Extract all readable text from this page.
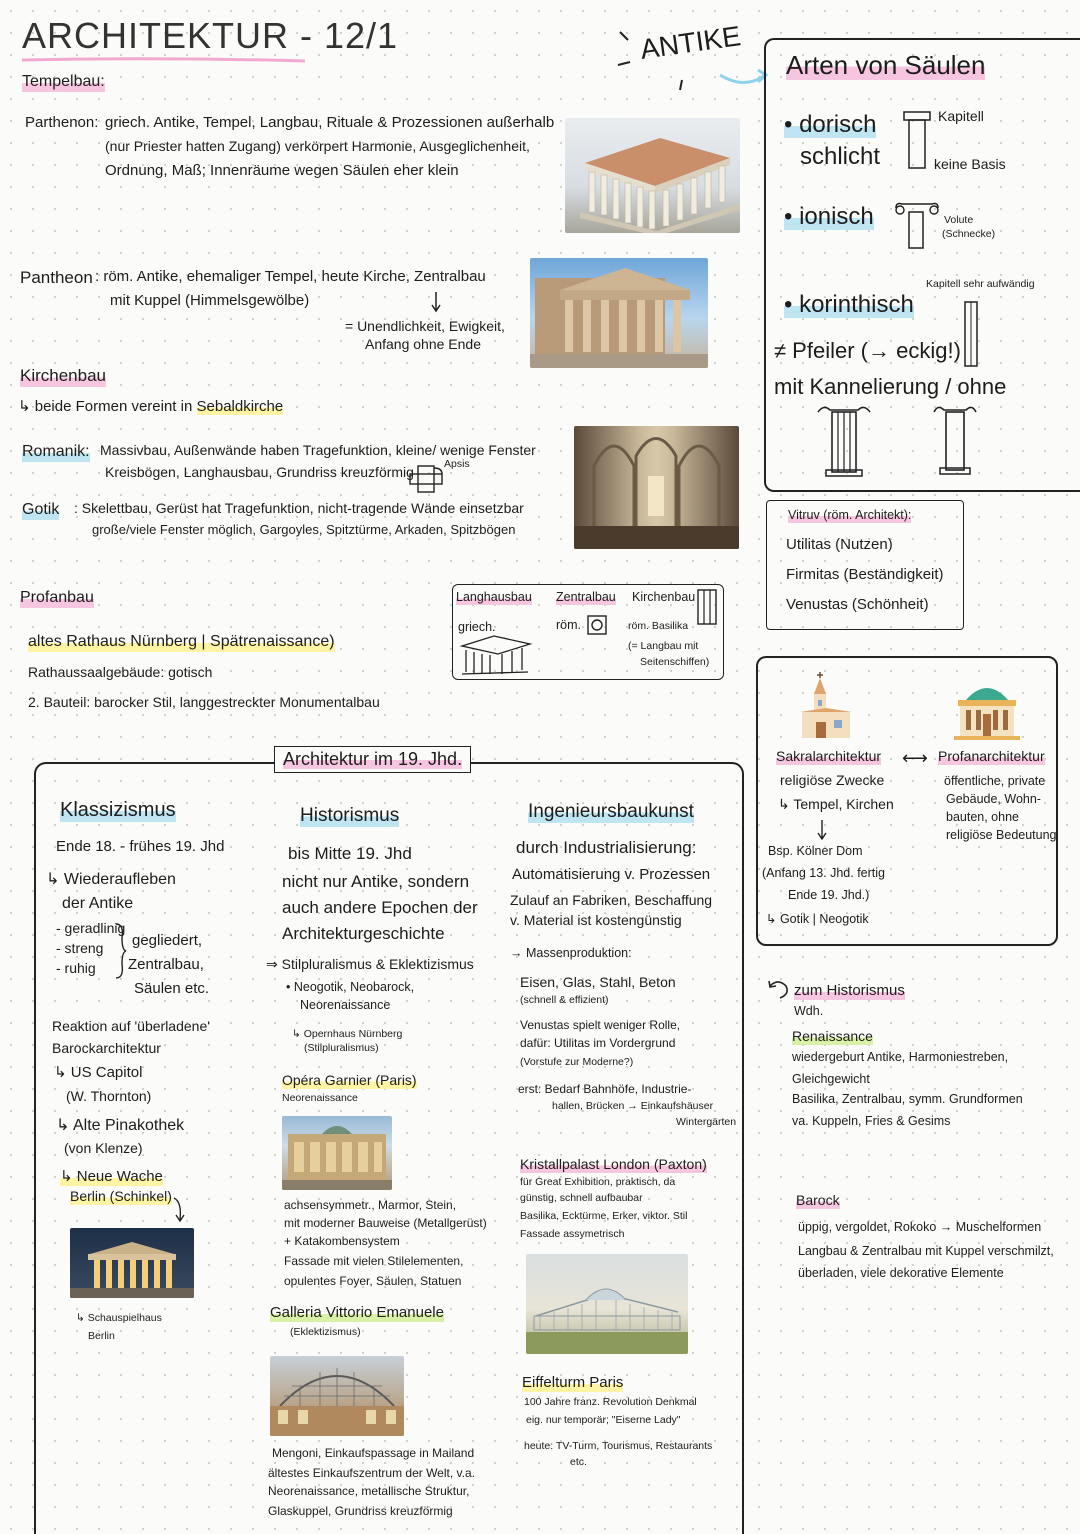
ARCHITEKTUR - 12/1	ANTIKE
Tempelbau:
Parthenon: griech. Antike, Tempel, Langbau, Rituale & Prozessionen außerhalb
(nur Priester hatten Zugang) verkörpert Harmonie, Ausgeglichenheit,
Ordnung, Maß; Innenräume wegen Säulen eher klein
Pantheon : röm. Antike, ehemaliger Tempel, heute Kirche, Zentralbau
mit Kuppel (Himmelsgewölbe)
= Unendlichkeit, Ewigkeit,
Anfang ohne Ende
Kirchenbau
↳ beide Formen vereint in Sebaldkirche
Romanik: Massivbau, Außenwände haben Tragefunktion, kleine/ wenige Fenster
Kreisbögen, Langhausbau, Grundriss kreuzförmig	Apsis
Gotik : Skelettbau, Gerüst hat Tragefunktion, nicht-tragende Wände einsetzbar
große/viele Fenster möglich, Gargoyles, Spitztürme, Arkaden, Spitzbögen
Profanbau
altes Rathaus Nürnberg | Spätrenaissance)
Rathaussaalgebäude: gotisch
2. Bauteil: barocker Stil, langgestreckter Monumentalbau
Langhausbau
griech.
Zentralbau
röm.
Kirchenbau
röm. Basilika
(= Langbau mit
Seitenschiffen)
Arten von Säulen
• dorisch
schlicht
Kapitell
keine Basis
• ionisch	Volute
(Schnecke)
Kapitell sehr aufwändig
• korinthisch
≠ Pfeiler (→ eckig!)
mit Kannelierung / ohne
Vitruv (röm. Architekt):
Utilitas (Nutzen)
Firmitas (Beständigkeit)
Venustas (Schönheit)
Sakralarchitektur
religiöse Zwecke
↳ Tempel, Kirchen
⟷ Profanarchitektur
öffentliche, private
Gebäude, Wohn-
bauten, ohne
religiöse Bedeutung
Bsp. Kölner Dom
(Anfang 13. Jhd. fertig
Ende 19. Jhd.)
↳ Gotik | Neogotik
zum Historismus
Wdh.
Renaissance
wiedergeburt Antike, Harmoniestreben,
Gleichgewicht
Basilika, Zentralbau, symm. Grundformen
va. Kuppeln, Fries & Gesims
Barock
üppig, vergoldet, Rokoko → Muschelformen
Langbau & Zentralbau mit Kuppel verschmilzt,
überladen, viele dekorative Elemente
Architektur im 19. Jhd.
Klassizismus
Ende 18. - frühes 19. Jhd
↳ Wiederaufleben
der Antike
- geradlinig
- streng
- ruhig
gegliedert,
Zentralbau,
Säulen etc.
Reaktion auf 'überladene'
Barockarchitektur
↳ US Capitol
(W. Thornton)
↳ Alte Pinakothek
(von Klenze)
↳ Neue Wache
Berlin (Schinkel)
↳ Schauspielhaus
Berlin
Historismus
bis Mitte 19. Jhd
nicht nur Antike, sondern
auch andere Epochen der
Architekturgeschichte
⇒ Stilpluralismus & Eklektizismus
• Neogotik, Neobarock,
Neorenaissance
↳ Opernhaus Nürnberg
(Stilpluralismus)
Opéra Garnier (Paris)
Neorenaissance
achsensymmetr., Marmor, Stein,
mit moderner Bauweise (Metallgerüst)
+ Katakombensystem
Fassade mit vielen Stilelementen,
opulentes Foyer, Säulen, Statuen
Galleria Vittorio Emanuele
(Eklektizismus)
Mengoni, Einkaufspassage in Mailand
ältestes Einkaufszentrum der Welt, v.a.
Neorenaissance, metallische Struktur,
Glaskuppel, Grundriss kreuzförmig
Ingenieursbaukunst
durch Industrialisierung:
Automatisierung v. Prozessen
Zulauf an Fabriken, Beschaffung
v. Material ist kostengünstig
→ Massenproduktion:
Eisen, Glas, Stahl, Beton
(schnell & effizient)
Venustas spielt weniger Rolle,
dafür: Utilitas im Vordergrund
(Vorstufe zur Moderne?)
erst: Bedarf Bahnhöfe, Industrie-
hallen, Brücken → Einkaufshäuser
Wintergärten
Kristallpalast London (Paxton)
für Great Exhibition, praktisch, da
günstig, schnell aufbaubar
Basilika, Ecktürme, Erker, viktor. Stil
Fassade assymetrisch
Eiffelturm Paris
100 Jahre franz. Revolution Denkmal
eig. nur temporär; "Eiserne Lady"
heute: TV-Turm, Tourismus, Restaurants
etc.
